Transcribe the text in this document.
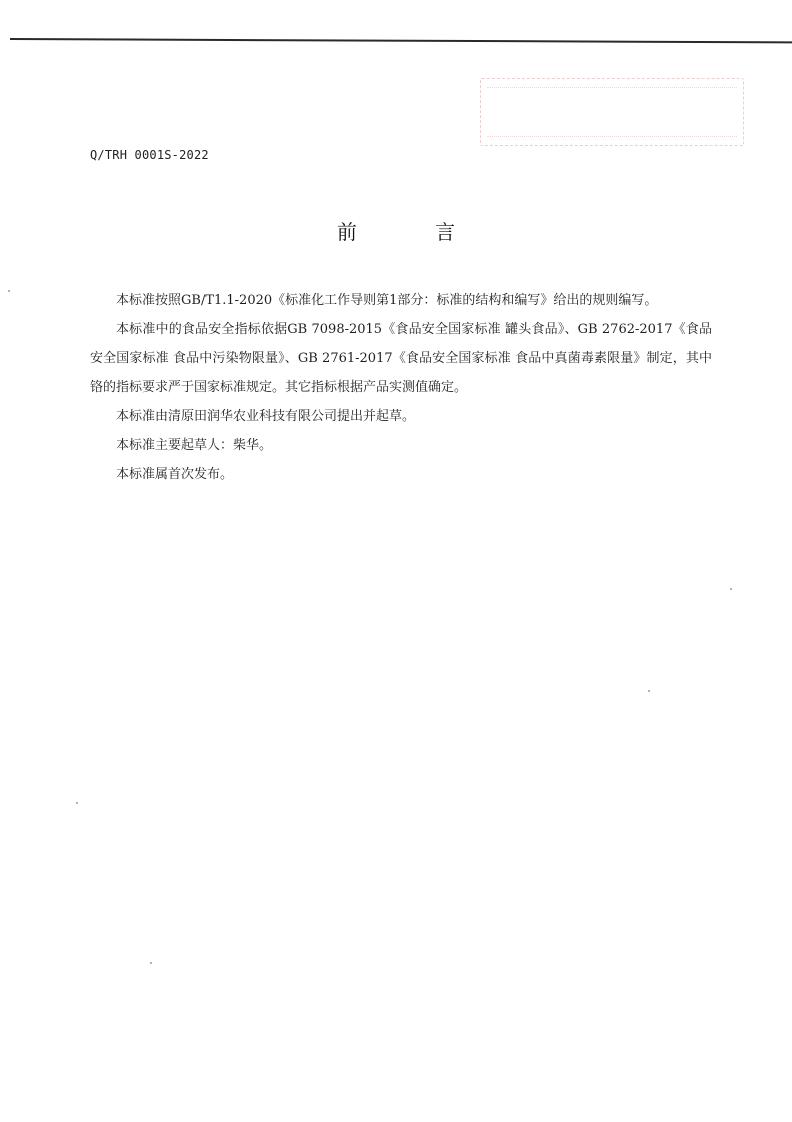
Q/TRH 0001S-2022
前 言

本标准按照GB/T1.1-2020《标准化工作导则第1部分：标准的结构和编写》给出的规则编写。

本标准中的食品安全指标依据GB 7098-2015《食品安全国家标准 罐头食品》、GB 2762-2017《食品安全国家标准 食品中污染物限量》、GB 2761-2017《食品安全国家标准 食品中真菌毒素限量》制定，其中铬的指标要求严于国家标准规定。其它指标根据产品实测值确定。

本标准由清原田润华农业科技有限公司提出并起草。

本标准主要起草人：柴华。

本标准属首次发布。
